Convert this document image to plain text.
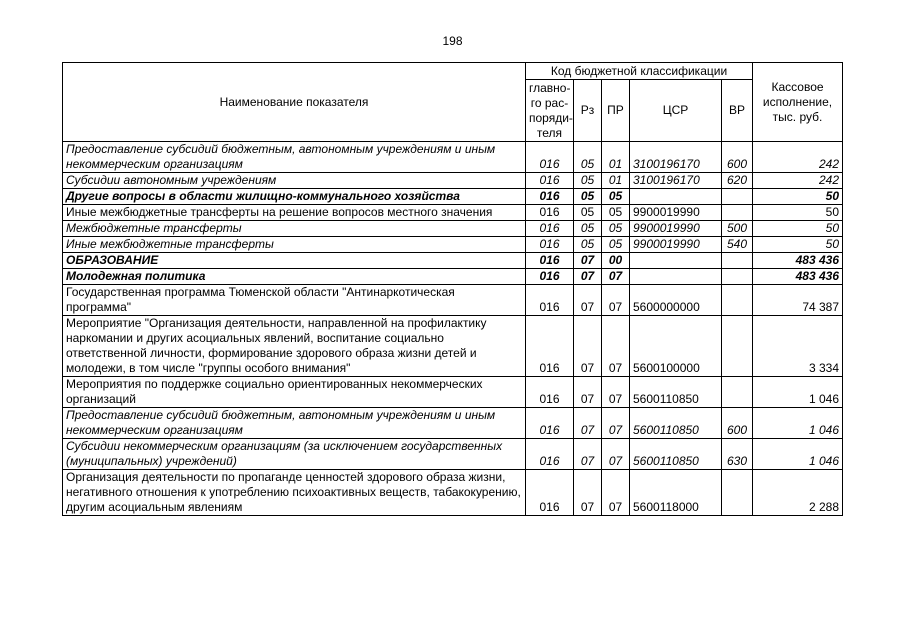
198
Наименование показателя	Код бюджетной классификации					Кассовое
исполнение,
тыс. руб.
	главно-
го рас-
поряди-
теля	Рз	ПР	ЦСР	ВР	
Предоставление субсидий бюджетным, автономным учреждениям и иным некоммерческим организациям	016	05	01	3100196170	600	242
Субсидии автономным учреждениям	016	05	01	3100196170	620	242
Другие вопросы в области жилищно-коммунального хозяйства	016	05	05			50
Иные межбюджетные трансферты на решение вопросов местного значения	016	05	05	9900019990		50
Межбюджетные трансферты	016	05	05	9900019990	500	50
Иные межбюджетные трансферты	016	05	05	9900019990	540	50
ОБРАЗОВАНИЕ	016	07	00			483 436
Молодежная политика	016	07	07			483 436
Государственная программа Тюменской области "Антинаркотическая программа"	016	07	07	5600000000		74 387
Мероприятие "Организация деятельности, направленной на профилактику наркомании и других асоциальных явлений, воспитание социально ответственной личности, формирование здорового образа жизни детей и молодежи, в том числе "группы особого внимания"	016	07	07	5600100000		3 334
Мероприятия по поддержке социально ориентированных некоммерческих организаций	016	07	07	5600110850		1 046
Предоставление субсидий бюджетным, автономным учреждениям и иным некоммерческим организациям	016	07	07	5600110850	600	1 046
Субсидии некоммерческим организациям (за исключением государственных (муниципальных) учреждений)	016	07	07	5600110850	630	1 046
Организация деятельности по пропаганде ценностей здорового образа жизни, негативного отношения к употреблению психоактивных веществ, табакокурению, другим асоциальным явлениям	016	07	07	5600118000		2 288
